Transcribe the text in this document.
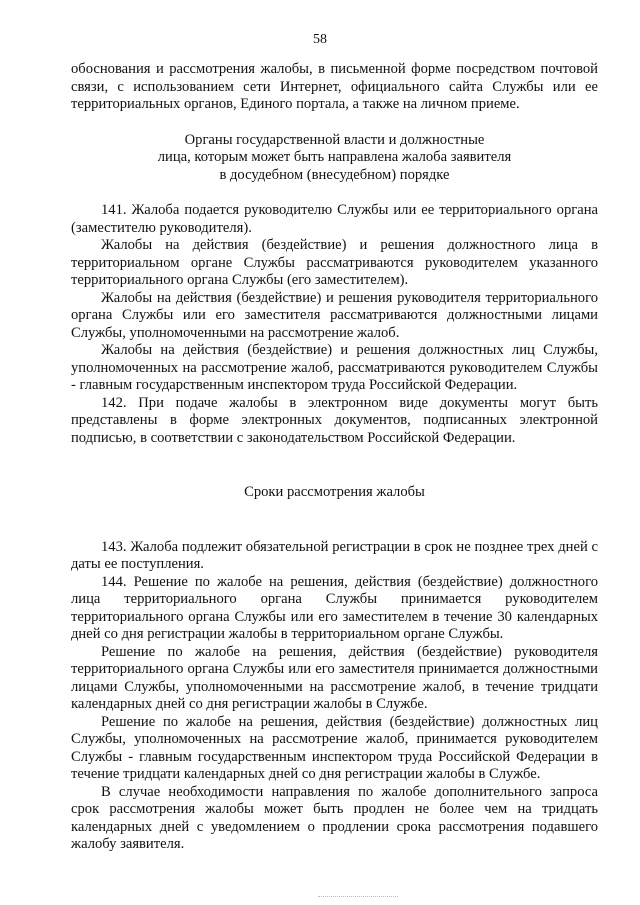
58

обоснования и рассмотрения жалобы, в письменной форме посредством почтовой связи, с использованием сети Интернет, официального сайта Службы или ее территориальных органов, Единого портала, а также на личном приеме.

Органы государственной власти и должностные

лица, которым может быть направлена жалоба заявителя

в досудебном (внесудебном) порядке

141. Жалоба подается руководителю Службы или ее территориального органа (заместителю руководителя).

Жалобы на действия (бездействие) и решения должностного лица в территориальном органе Службы рассматриваются руководителем указанного территориального органа Службы (его заместителем).

Жалобы на действия (бездействие) и решения руководителя территориального органа Службы или его заместителя рассматриваются должностными лицами Службы, уполномоченными на рассмотрение жалоб.

Жалобы на действия (бездействие) и решения должностных лиц Службы, уполномоченных на рассмотрение жалоб, рассматриваются руководителем Службы - главным государственным инспектором труда Российской Федерации.

142. При подаче жалобы в электронном виде документы могут быть представлены в форме электронных документов, подписанных электронной подписью, в соответствии с законодательством Российской Федерации.

Сроки рассмотрения жалобы

143. Жалоба подлежит обязательной регистрации в срок не позднее трех дней с даты ее поступления.

144. Решение по жалобе на решения, действия (бездействие) должностного лица территориального органа Службы принимается руководителем территориального органа Службы или его заместителем в течение 30 календарных дней со дня регистрации жалобы в территориальном органе Службы.

Решение по жалобе на решения, действия (бездействие) руководителя территориального органа Службы или его заместителя принимается должностными лицами Службы, уполномоченными на рассмотрение жалоб, в течение тридцати календарных дней со дня регистрации жалобы в Службе.

Решение по жалобе на решения, действия (бездействие) должностных лиц Службы, уполномоченных на рассмотрение жалоб, принимается руководителем Службы - главным государственным инспектором труда Российской Федерации в течение тридцати календарных дней со дня регистрации жалобы в Службе.

В случае необходимости направления по жалобе дополнительного запроса срок рассмотрения жалобы может быть продлен не более чем на тридцать календарных дней с уведомлением о продлении срока рассмотрения подавшего жалобу заявителя.
